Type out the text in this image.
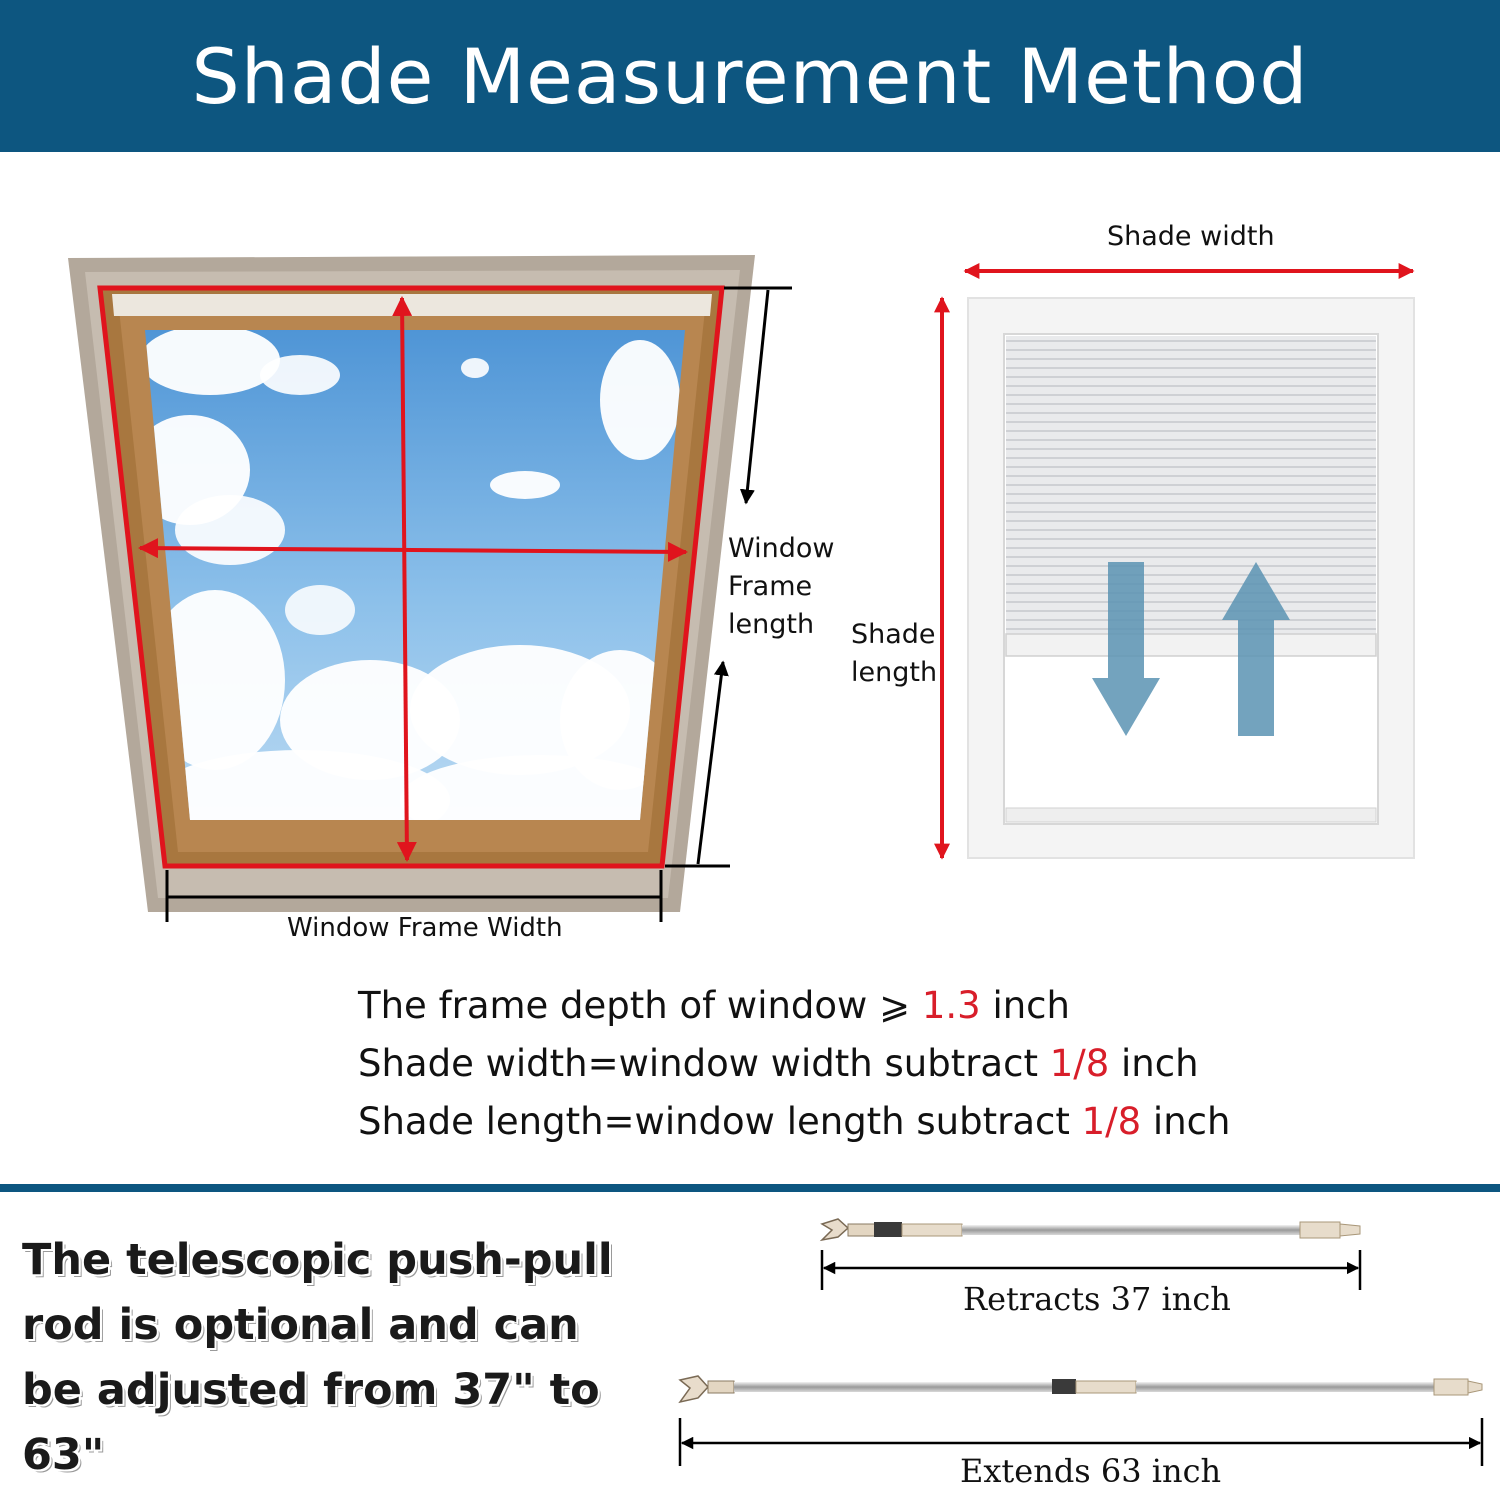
Shade Measurement Method
Window
Frame
length
Window Frame Width
Shade width
Shade
length
The frame depth of window ⩾ 1.3 inch
Shade width=window width subtract 1/8 inch
Shade length=window length subtract 1/8 inch
The telescopic push-pull
rod is optional and can
be adjusted from 37" to 63"
Retracts 37 inch
Extends 63 inch
